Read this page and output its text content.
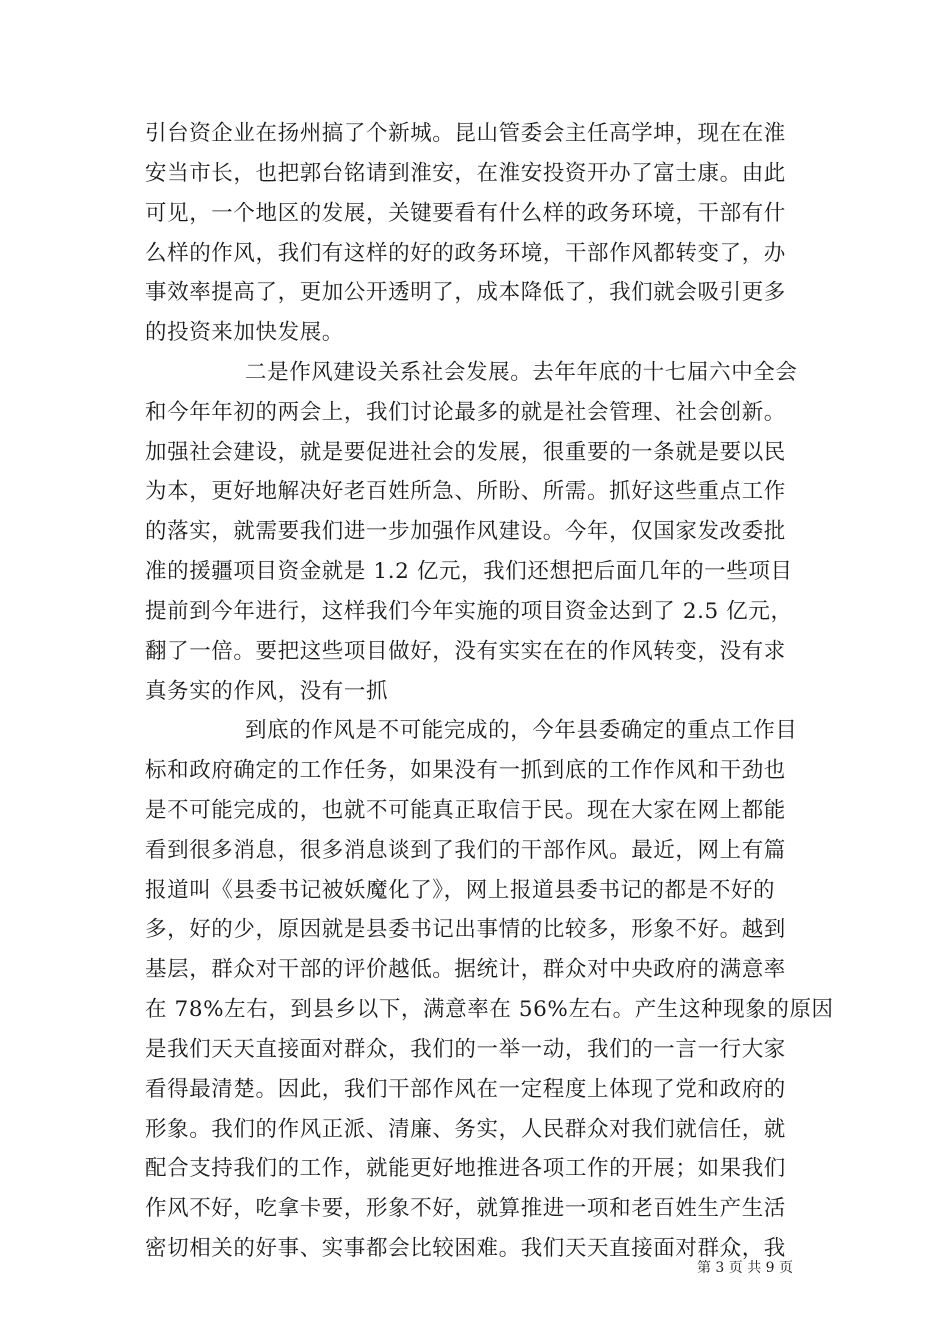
引台资企业在扬州搞了个新城。昆山管委会主任高学坤，现在在淮
安当市长，也把郭台铭请到淮安，在淮安投资开办了富士康。由此
可见，一个地区的发展，关键要看有什么样的政务环境，干部有什
么样的作风，我们有这样的好的政务环境，干部作风都转变了，办
事效率提高了，更加公开透明了，成本降低了，我们就会吸引更多
的投资来加快发展。
二是作风建设关系社会发展。去年年底的十七届六中全会
和今年年初的两会上，我们讨论最多的就是社会管理、社会创新。
加强社会建设，就是要促进社会的发展，很重要的一条就是要以民
为本，更好地解决好老百姓所急、所盼、所需。抓好这些重点工作
的落实，就需要我们进一步加强作风建设。今年，仅国家发改委批
准的援疆项目资金就是 1.2 亿元，我们还想把后面几年的一些项目
提前到今年进行，这样我们今年实施的项目资金达到了 2.5 亿元，
翻了一倍。要把这些项目做好，没有实实在在的作风转变，没有求
真务实的作风，没有一抓
到底的作风是不可能完成的，今年县委确定的重点工作目
标和政府确定的工作任务，如果没有一抓到底的工作作风和干劲也
是不可能完成的，也就不可能真正取信于民。现在大家在网上都能
看到很多消息，很多消息谈到了我们的干部作风。最近，网上有篇
报道叫《县委书记被妖魔化了》，网上报道县委书记的都是不好的
多，好的少，原因就是县委书记出事情的比较多，形象不好。越到
基层，群众对干部的评价越低。据统计，群众对中央政府的满意率
在 78%左右，到县乡以下，满意率在 56%左右。产生这种现象的原因
是我们天天直接面对群众，我们的一举一动，我们的一言一行大家
看得最清楚。因此，我们干部作风在一定程度上体现了党和政府的
形象。我们的作风正派、清廉、务实，人民群众对我们就信任，就
配合支持我们的工作，就能更好地推进各项工作的开展；如果我们
作风不好，吃拿卡要，形象不好，就算推进一项和老百姓生产生活
密切相关的好事、实事都会比较困难。我们天天直接面对群众，我
第 3 页 共 9 页
